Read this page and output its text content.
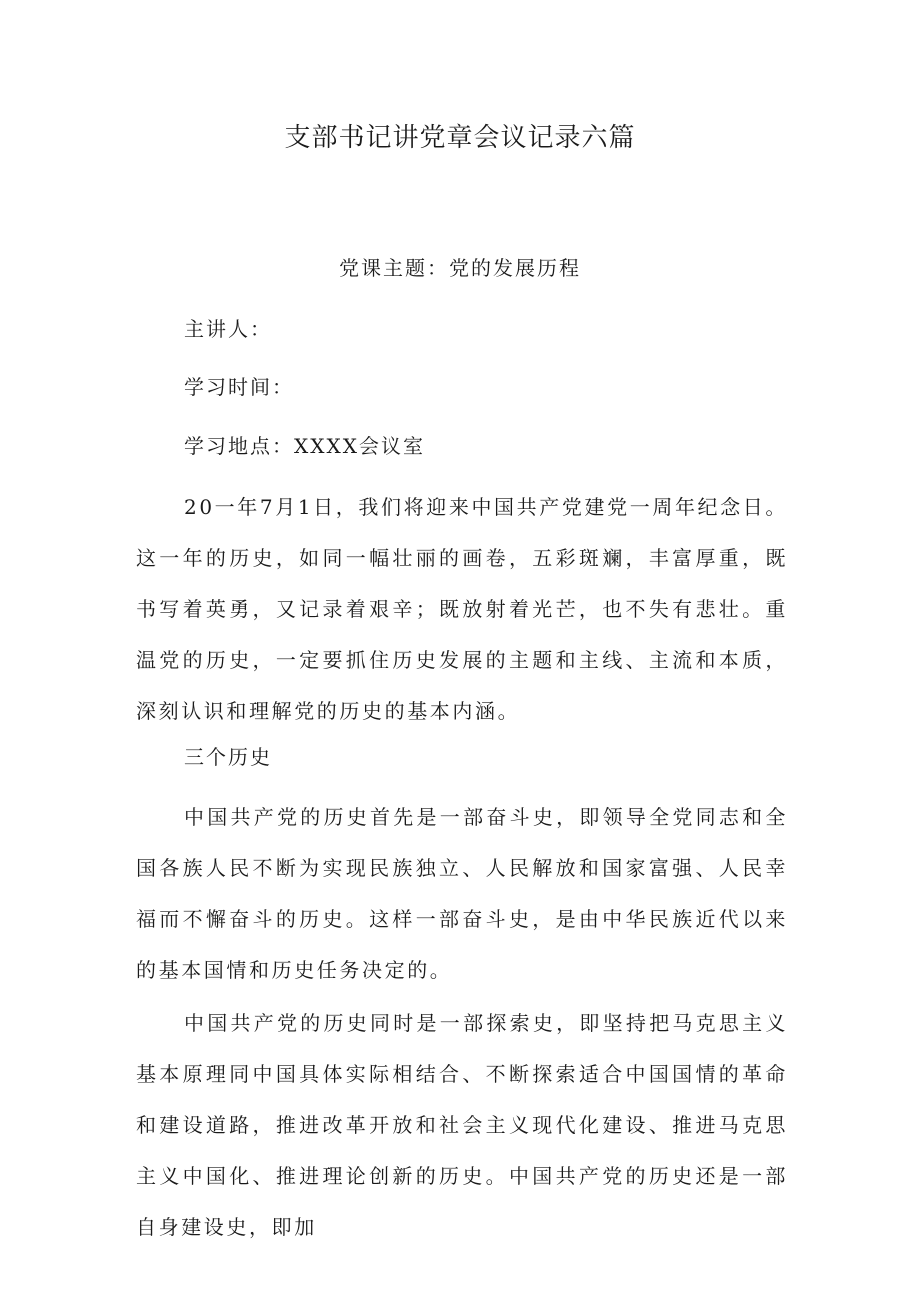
支部书记讲党章会议记录六篇

党课主题：党的发展历程

主讲人：

学习时间：

学习地点：XXXX会议室

20一年7月1日，我们将迎来中国共产党建党一周年纪念日。这一年的历史，如同一幅壮丽的画卷，五彩斑斓，丰富厚重，既书写着英勇，又记录着艰辛；既放射着光芒，也不失有悲壮。重温党的历史，一定要抓住历史发展的主题和主线、主流和本质，深刻认识和理解党的历史的基本内涵。

三个历史

中国共产党的历史首先是一部奋斗史，即领导全党同志和全国各族人民不断为实现民族独立、人民解放和国家富强、人民幸福而不懈奋斗的历史。这样一部奋斗史，是由中华民族近代以来的基本国情和历史任务决定的。

中国共产党的历史同时是一部探索史，即坚持把马克思主义基本原理同中国具体实际相结合、不断探索适合中国国情的革命和建设道路，推进改革开放和社会主义现代化建设、推进马克思主义中国化、推进理论创新的历史。中国共产党的历史还是一部自身建设史，即加
